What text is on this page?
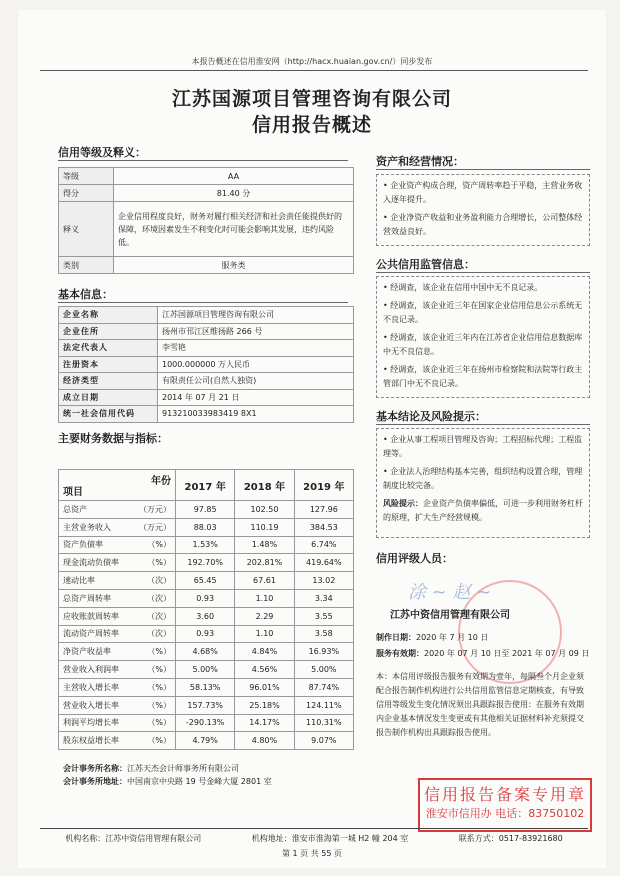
本报告概述在信用淮安网（http://hacx.huaian.gov.cn/）同步发布
江苏国源项目管理咨询有限公司
信用报告概述
信用等级及释义：
等级	AA
得分	81.40 分
释义	企业信用程度良好，财务对履行相关经济和社会责任能提供好的保障，环境因素发生不利变化时可能会影响其发展，违约风险低。
类别	服务类
基本信息：
企业名称	江苏国源项目管理咨询有限公司
企业住所	扬州市邗江区维扬路 266 号
法定代表人	李雪艳
注册资本	1000.000000 万人民币
经济类型	有限责任公司(自然人独资)
成立日期	2014 年 07 月 21 日
统一社会信用代码	913210033983419 8X1
主要财务数据与指标：
年份
项目	2017 年	2018 年	2019 年
总资产 （万元）	97.85	102.50	127.96
主营业务收入 （万元）	88.03	110.19	384.53
资产负债率 （%）	1.53%	1.48%	6.74%
现金流动负债率 （%）	192.70%	202.81%	419.64%
速动比率 （次）	65.45	67.61	13.02
总资产周转率 （次）	0.93	1.10	3.34
应收账款周转率 （次）	3.60	2.29	3.55
流动资产周转率 （次）	0.93	1.10	3.58
净资产收益率 （%）	4.68%	4.84%	16.93%
营业收入利润率 （%）	5.00%	4.56%	5.00%
主营收入增长率 （%）	58.13%	96.01%	87.74%
营业收入增长率 （%）	157.73%	25.18%	124.11%
利润平均增长率 （%）	-290.13%	14.17%	110.31%
股东权益增长率 （%）	4.79%	4.80%	9.07%
会计事务所名称：江苏天杰会计师事务所有限公司
会计事务所地址：中国南京中央路 19 号金峰大厦 2801 室
资产和经营情况：

• 企业资产构成合理，资产周转率趋于平稳，主营业务收入逐年提升。

• 企业净资产收益和业务盈利能力合理增长，公司整体经营效益良好。

公共信用监管信息：

• 经调查，该企业在信用中国中无不良记录。

• 经调查，该企业近三年在国家企业信用信息公示系统无不良记录。

• 经调查，该企业近三年内在江苏省企业信用信息数据库中无不良信息。

• 经调查，该企业近三年在扬州市检察院和法院等行政主管部门中无不良记录。

基本结论及风险提示：

• 企业从事工程项目管理及咨询；工程招标代理；工程监理等。

• 企业法人治理结构基本完善，组织结构设置合理，管理制度比较完备。

风险提示：企业资产负债率偏低，可进一步利用财务杠杆的原理，扩大生产经营规模。

信用评级人员：
涂 ~ 赵 ~
江苏中资信用管理有限公司
制作日期：2020 年 7 月 10 日
服务有效期：2020 年 07 月 10 日至 2021 年 07 月 09 日
本：本信用评级报告服务有效期为壹年，每隔叁个月企业须配合报告制作机构进行公共信用监管信息定期核查，有导致信用等级发生变化情况须出具跟踪报告使用：在服务有效期内企业基本情况发生变更或有其他相关证据材料补充须提交报告制作机构出具跟踪报告使用。
信用报告备案专用章
淮安市信用办 电话：83750102
机构名称：江苏中资信用管理有限公司	机构地址：淮安市淮海第一城 H2 幢 204 室	联系方式：0517-83921680
第 1 页 共 55 页
